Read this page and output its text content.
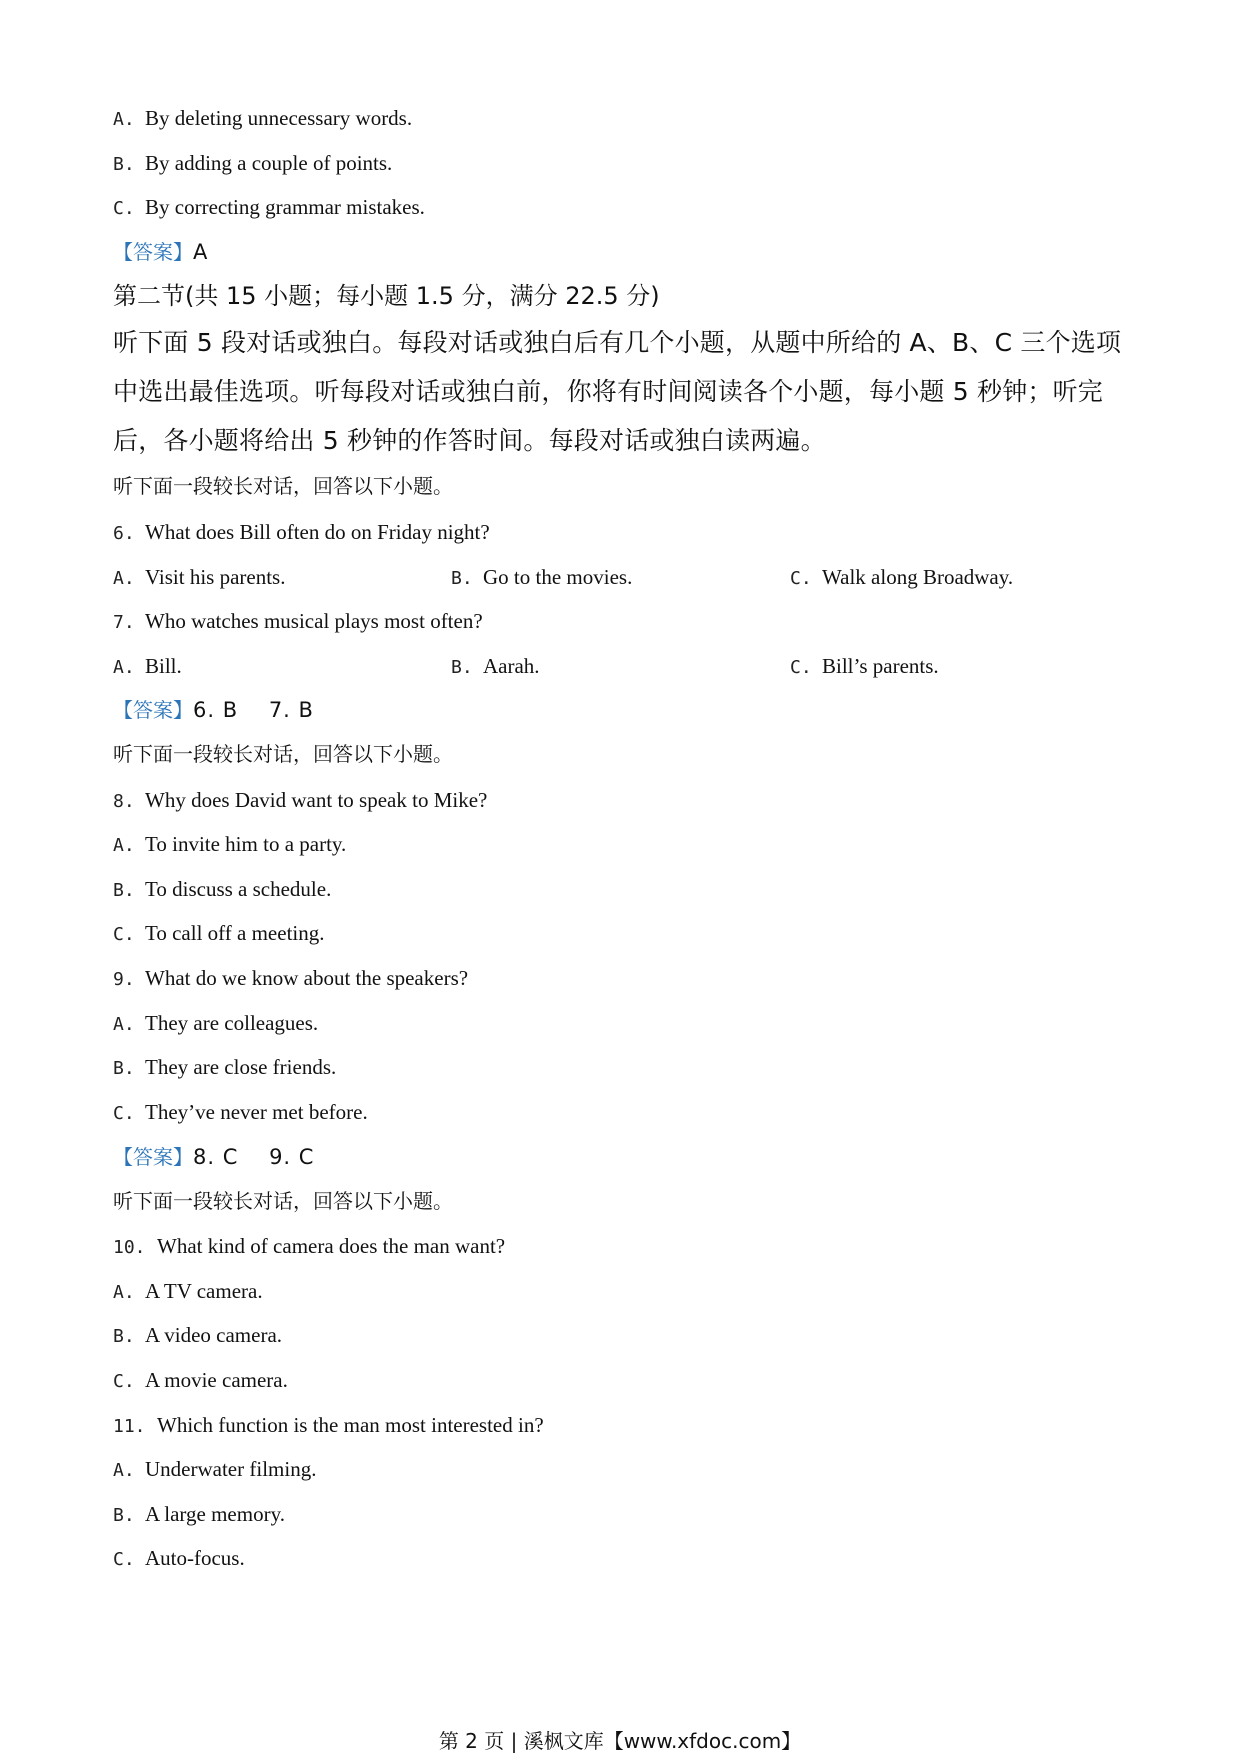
A. By deleting unnecessary words.
B. By adding a couple of points.
C. By correcting grammar mistakes.
【答案】A
第二节(共 15 小题；每小题 1.5 分，满分 22.5 分)
听下面 5 段对话或独白。每段对话或独白后有几个小题，从题中所给的 A、B、C 三个选项中选出最佳选项。听每段对话或独白前，你将有时间阅读各个小题，每小题 5 秒钟；听完后，各小题将给出 5 秒钟的作答时间。每段对话或独白读两遍。
听下面一段较长对话，回答以下小题。
6. What does Bill often do on Friday night?
A. Visit his parents.	B. Go to the movies.	C. Walk along Broadway.
7. Who watches musical plays most often?
A. Bill.	B. Aarah.	C. Bill’s parents.
【答案】6. B    7. B
听下面一段较长对话，回答以下小题。
8. Why does David want to speak to Mike?
A. To invite him to a party.
B. To discuss a schedule.
C. To call off a meeting.
9. What do we know about the speakers?
A. They are colleagues.
B. They are close friends.
C. They’ve never met before.
【答案】8. C    9. C
听下面一段较长对话，回答以下小题。
10. What kind of camera does the man want?
A. A TV camera.
B. A video camera.
C. A movie camera.
11. Which function is the man most interested in?
A. Underwater filming.
B. A large memory.
C. Auto-focus.
第 2 页 | 溪枫文库【www.xfdoc.com】
